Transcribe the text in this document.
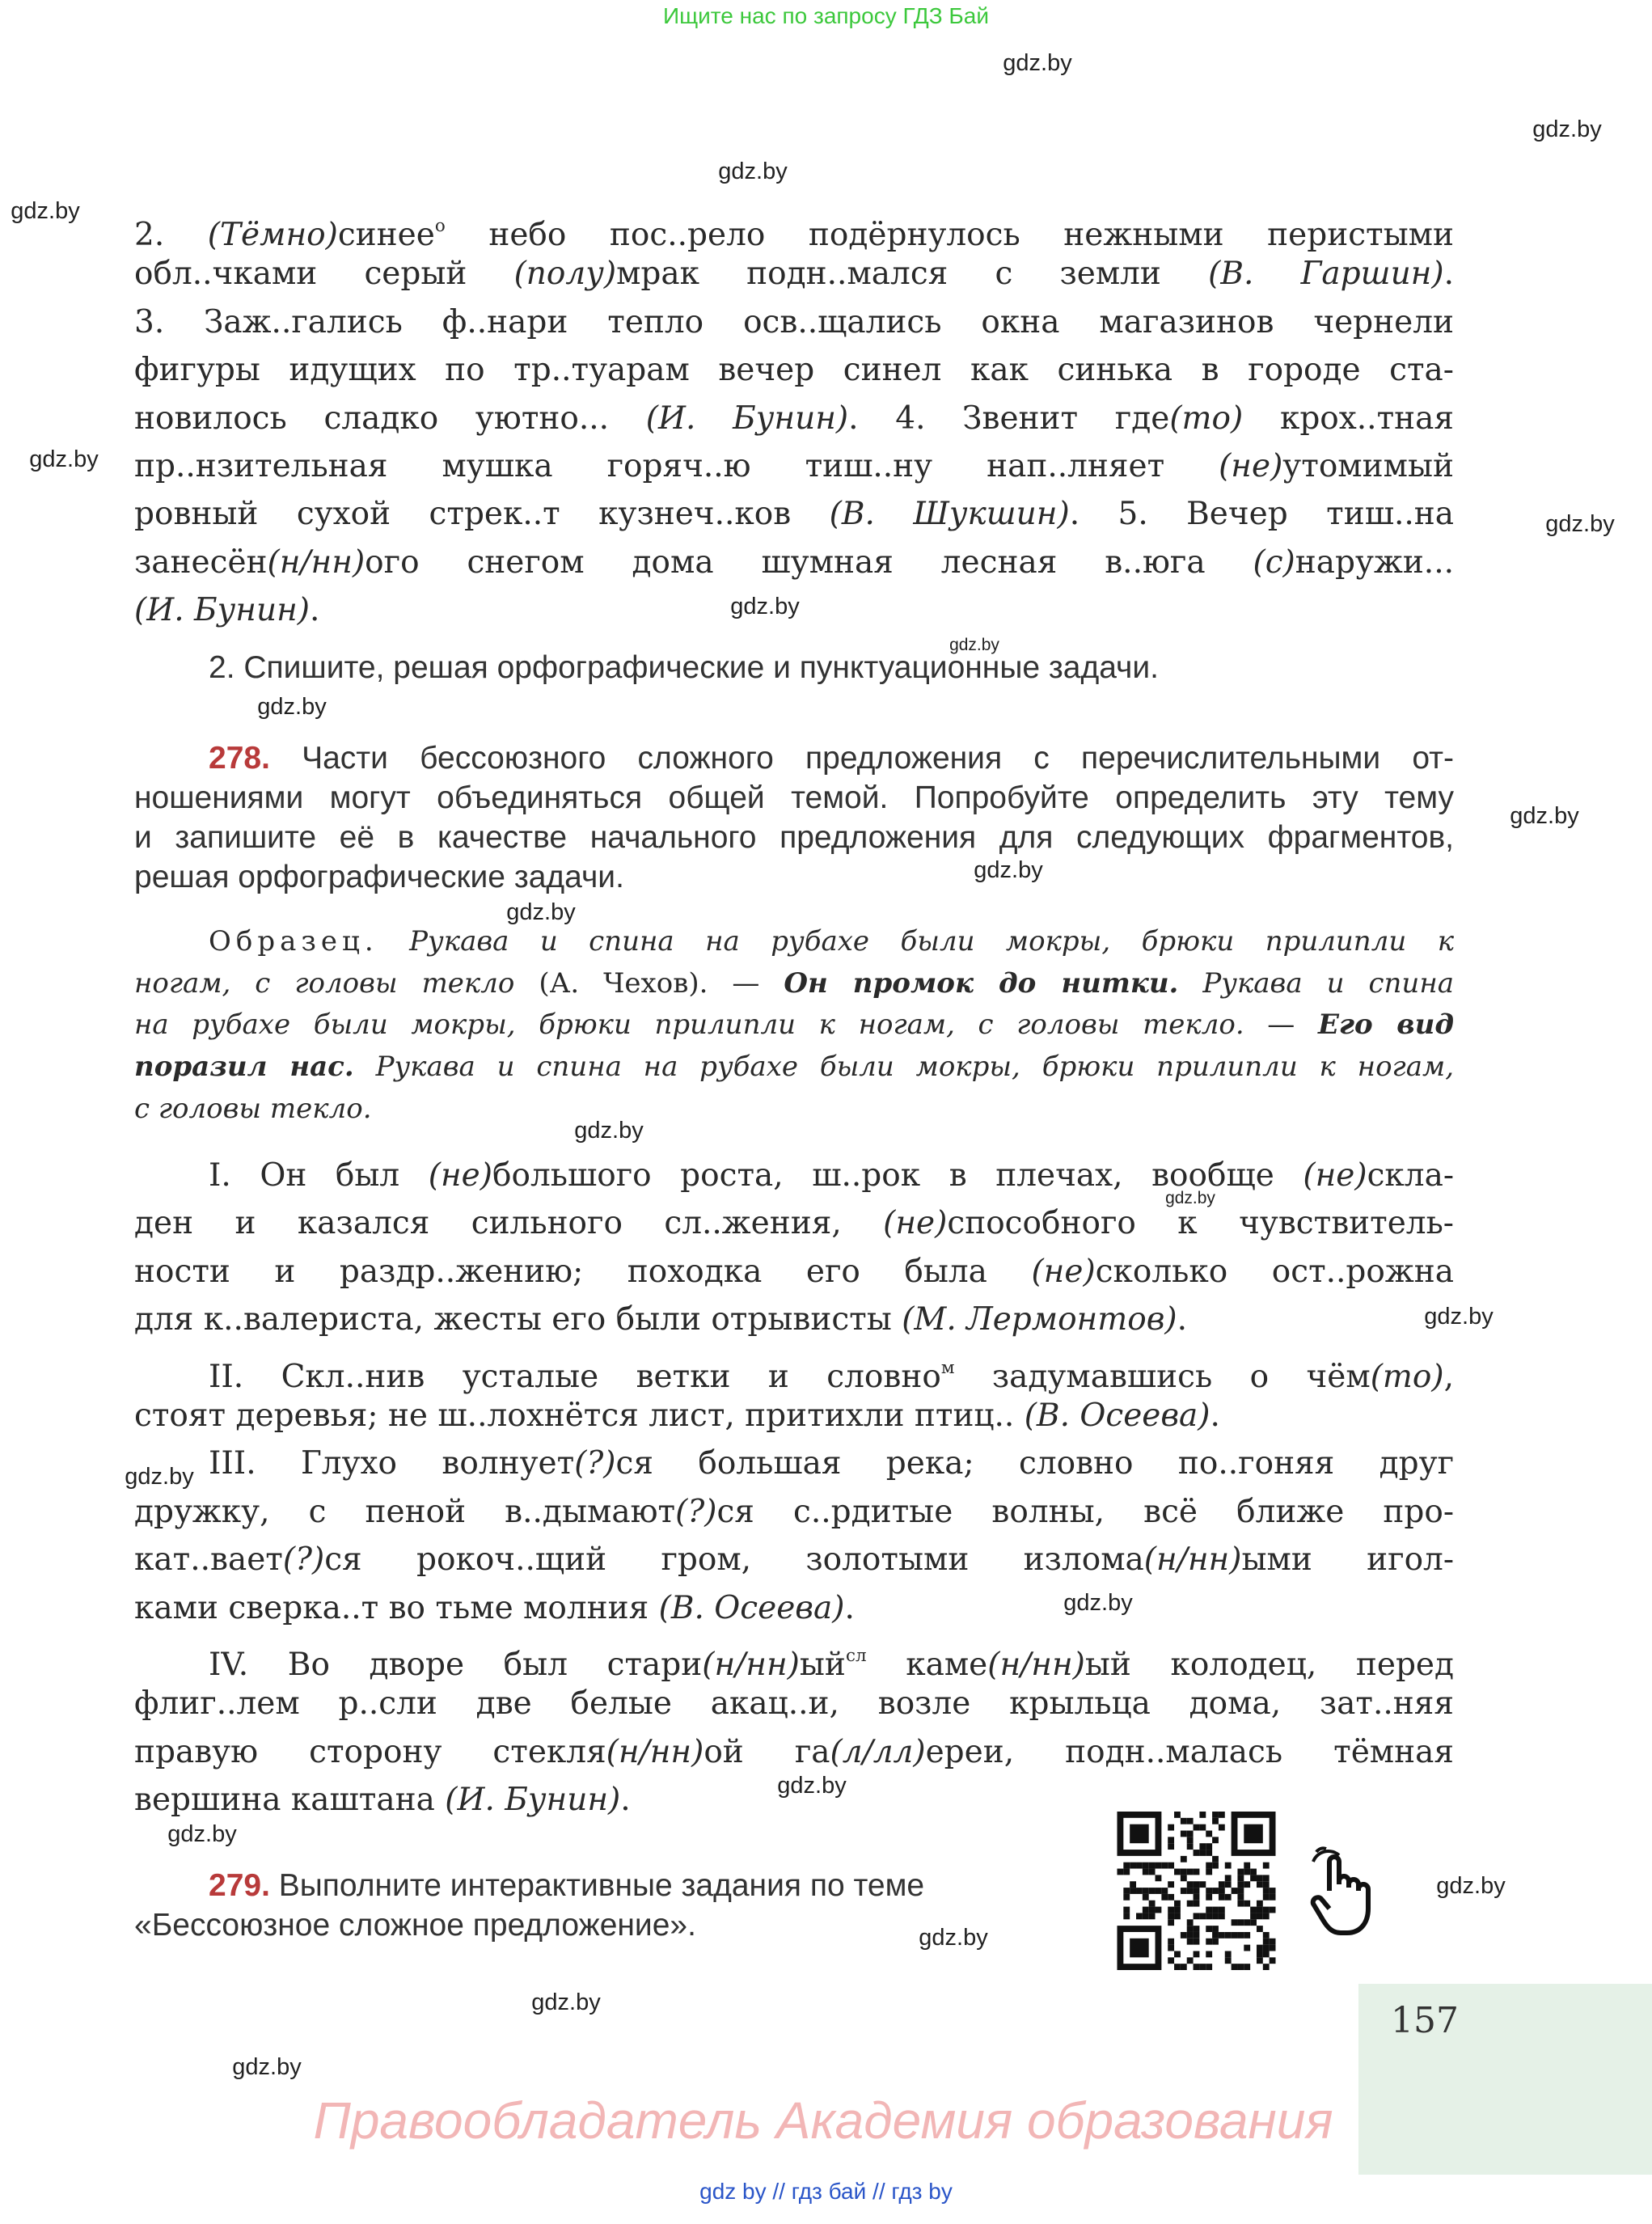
Ищите нас по запросу ГДЗ Бай
gdz.by
gdz.by
gdz.by
gdz.by
gdz.by
gdz.by
gdz.by
gdz.by
gdz.by
gdz.by
gdz.by
gdz.by
gdz.by
gdz.by
gdz.by
gdz.by
gdz.by
gdz.by
gdz.by
gdz.by
gdz.by
gdz.by
gdz.by
2. (Тёмно)синее$^о$ небо пос..рело подёрнулось нежными перистыми
обл..чками серый (полу)мрак подн..мался с земли (В. Гаршин).
3. Заж..гались ф..нари тепло осв..щались окна магазинов чернели
фигуры идущих по тр..туарам вечер синел как синька в городе ста-
новилось сладко уютно... (И. Бунин). 4. Звенит где(то) крох..тная
пр..нзительная мушка горяч..ю тиш..ну нап..лняет (не)утомимый
ровный сухой стрек..т кузнеч..ков (В. Шукшин). 5. Вечер тиш..на
занесён(н/нн)ого снегом дома шумная лесная в..юга (с)наружи...
(И. Бунин).
2. Спишите, решая орфографические и пунктуационные задачи.
278. Части бессоюзного сложного предложения с перечислительными от-
ношениями могут объединяться общей темой. Попробуйте определить эту тему
и запишите её в качестве начального предложения для следующих фрагментов,
решая орфографические задачи.
Образец. Рукава и спина на рубахе были мокры, брюки прилипли к
ногам, с головы текло (А. Чехов). — Он промок до нитки. Рукава и спина
на рубахе были мокры, брюки прилипли к ногам, с головы текло. — Его вид
поразил нас. Рукава и спина на рубахе были мокры, брюки прилипли к ногам,
с головы текло.
I. Он был (не)большого роста, ш..рок в плечах, вообще (не)скла-
ден и казался сильного сл..жения, (не)способного к чувствитель-
ности и раздр..жению; походка его была (не)сколько ост..рожна
для к..валериста, жесты его были отрывисты (М. Лермонтов).
II. Скл..нив усталые ветки и словно$^м$ задумавшись о чём(то),
стоят деревья; не ш..лохнётся лист, притихли птиц.. (В. Осеева).
III. Глухо волнует(?)ся большая река; словно по..гоняя друг
дружку, с пеной в..дымают(?)ся с..рдитые волны, всё ближе про-
кат..вает(?)ся рокоч..щий гром, золотыми излома(н/нн)ыми игол-
ками сверка..т во тьме молния (В. Осеева).
IV. Во дворе был $стари(н/нн)ый^{сл}$ каме(н/нн)ый колодец, перед
флиг..лем р..сли две белые акац..и, возле крыльца дома, зат..няя
правую сторону стекля(н/нн)ой га(л/лл)ереи, подн..малась тёмная
вершина каштана (И. Бунин).
279. Выполните интерактивные задания по теме
«Бессоюзное сложное предложение».
157
Правообладатель Академия образования
gdz by // гдз бай // гдз by
